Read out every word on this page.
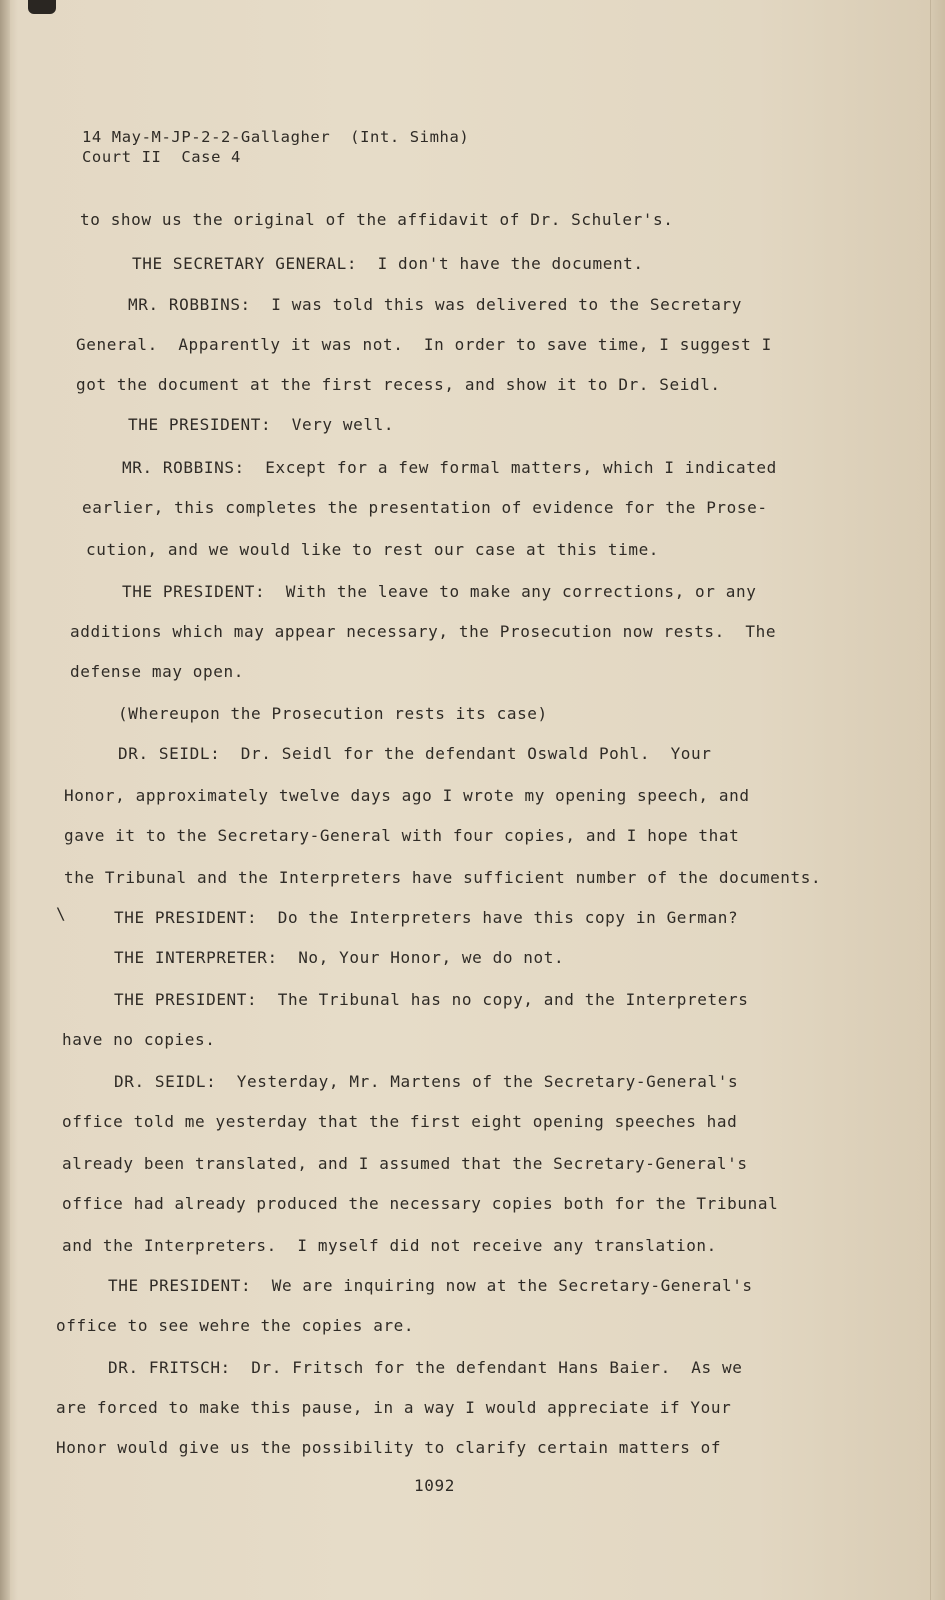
14 May-M-JP-2-2-Gallagher  (Int. Simha)
Court II  Case 4
to show us the original of the affidavit of Dr. Schuler's.
THE SECRETARY GENERAL:  I don't have the document.
MR. ROBBINS:  I was told this was delivered to the Secretary
General.  Apparently it was not.  In order to save time, I suggest I
got the document at the first recess, and show it to Dr. Seidl.
THE PRESIDENT:  Very well.
MR. ROBBINS:  Except for a few formal matters, which I indicated
earlier, this completes the presentation of evidence for the Prose-
cution, and we would like to rest our case at this time.
THE PRESIDENT:  With the leave to make any corrections, or any
additions which may appear necessary, the Prosecution now rests.  The
defense may open.
(Whereupon the Prosecution rests its case)
DR. SEIDL:  Dr. Seidl for the defendant Oswald Pohl.  Your
Honor, approximately twelve days ago I wrote my opening speech, and
gave it to the Secretary-General with four copies, and I hope that
the Tribunal and the Interpreters have sufficient number of the documents.
\	THE PRESIDENT:  Do the Interpreters have this copy in German?
THE INTERPRETER:  No, Your Honor, we do not.
THE PRESIDENT:  The Tribunal has no copy, and the Interpreters
have no copies.
DR. SEIDL:  Yesterday, Mr. Martens of the Secretary-General's
office told me yesterday that the first eight opening speeches had
already been translated, and I assumed that the Secretary-General's
office had already produced the necessary copies both for the Tribunal
and the Interpreters.  I myself did not receive any translation.
THE PRESIDENT:  We are inquiring now at the Secretary-General's
office to see wehre the copies are.
DR. FRITSCH:  Dr. Fritsch for the defendant Hans Baier.  As we
are forced to make this pause, in a way I would appreciate if Your
Honor would give us the possibility to clarify certain matters of
1092
